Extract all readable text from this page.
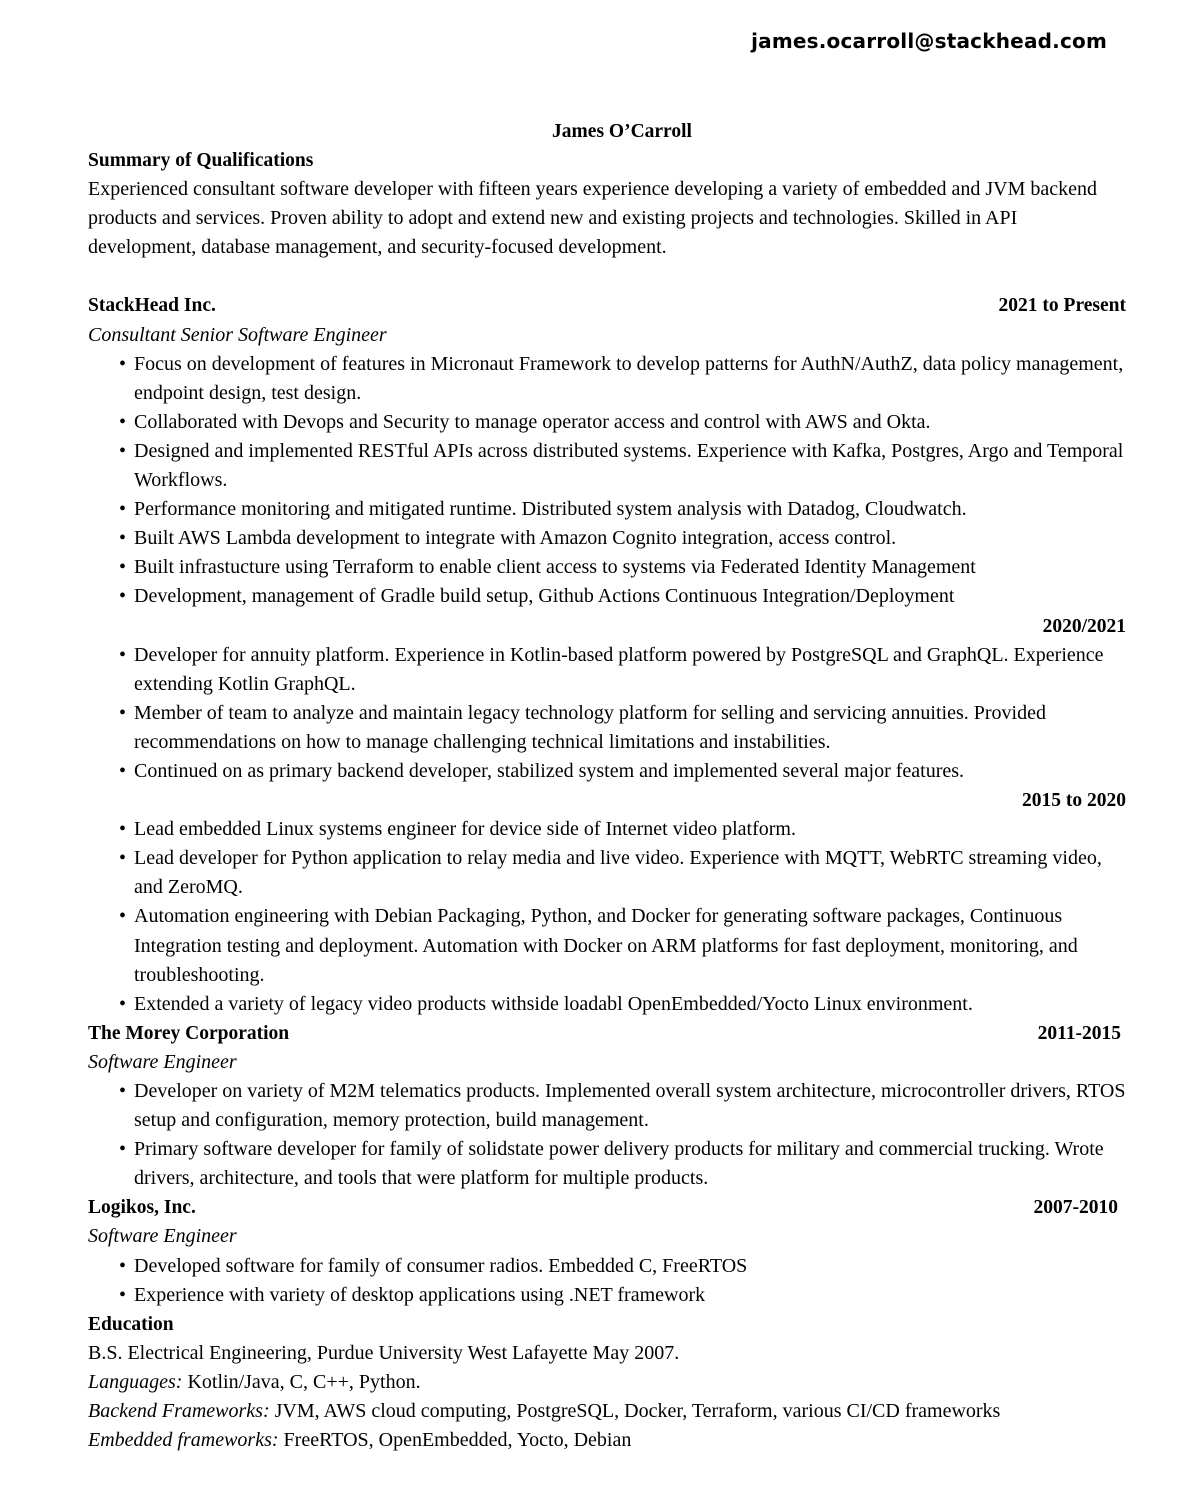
james.ocarroll@stackhead.com
James O’Carroll
Summary of Qualifications

Experienced consultant software developer with fifteen years experience developing a variety of embedded and JVM backend products and services. Proven ability to adopt and extend new and existing projects and technologies. Skilled in API development, database management, and security-focused development.

StackHead Inc.	2021 to Present
Consultant Senior Software Engineer
• Focus on development of features in Micronaut Framework to develop patterns for AuthN/AuthZ, data policy management, endpoint design, test design.
• Collaborated with Devops and Security to manage operator access and control with AWS and Okta.
• Designed and implemented RESTful APIs across distributed systems. Experience with Kafka, Postgres, Argo and Temporal Workflows.
• Performance monitoring and mitigated runtime. Distributed system analysis with Datadog, Cloudwatch.
• Built AWS Lambda development to integrate with Amazon Cognito integration, access control.
• Built infrastucture using Terraform to enable client access to systems via Federated Identity Management
• Development, management of Gradle build setup, Github Actions Continuous Integration/Deployment
2020/2021
• Developer for annuity platform. Experience in Kotlin-based platform powered by PostgreSQL and GraphQL. Experience extending Kotlin GraphQL.
• Member of team to analyze and maintain legacy technology platform for selling and servicing annuities. Provided recommendations on how to manage challenging technical limitations and instabilities.
• Continued on as primary backend developer, stabilized system and implemented several major features.
2015 to 2020
• Lead embedded Linux systems engineer for device side of Internet video platform.
• Lead developer for Python application to relay media and live video. Experience with MQTT, WebRTC streaming video, and ZeroMQ.
• Automation engineering with Debian Packaging, Python, and Docker for generating software packages, Continuous Integration testing and deployment. Automation with Docker on ARM platforms for fast deployment, monitoring, and troubleshooting.
• Extended a variety of legacy video products withside loadabl OpenEmbedded/Yocto Linux environment.
The Morey Corporation	2011-2015
Software Engineer
• Developer on variety of M2M telematics products. Implemented overall system architecture, microcontroller drivers, RTOS setup and configuration, memory protection, build management.
• Primary software developer for family of solidstate power delivery products for military and commercial trucking. Wrote drivers, architecture, and tools that were platform for multiple products.
Logikos, Inc.	2007-2010
Software Engineer
• Developed software for family of consumer radios. Embedded C, FreeRTOS
• Experience with variety of desktop applications using .NET framework
Education
B.S. Electrical Engineering, Purdue University West Lafayette May 2007.
Languages: Kotlin/Java, C, C++, Python.
Backend Frameworks: JVM, AWS cloud computing, PostgreSQL, Docker, Terraform, various CI/CD frameworks
Embedded frameworks: FreeRTOS, OpenEmbedded, Yocto, Debian
